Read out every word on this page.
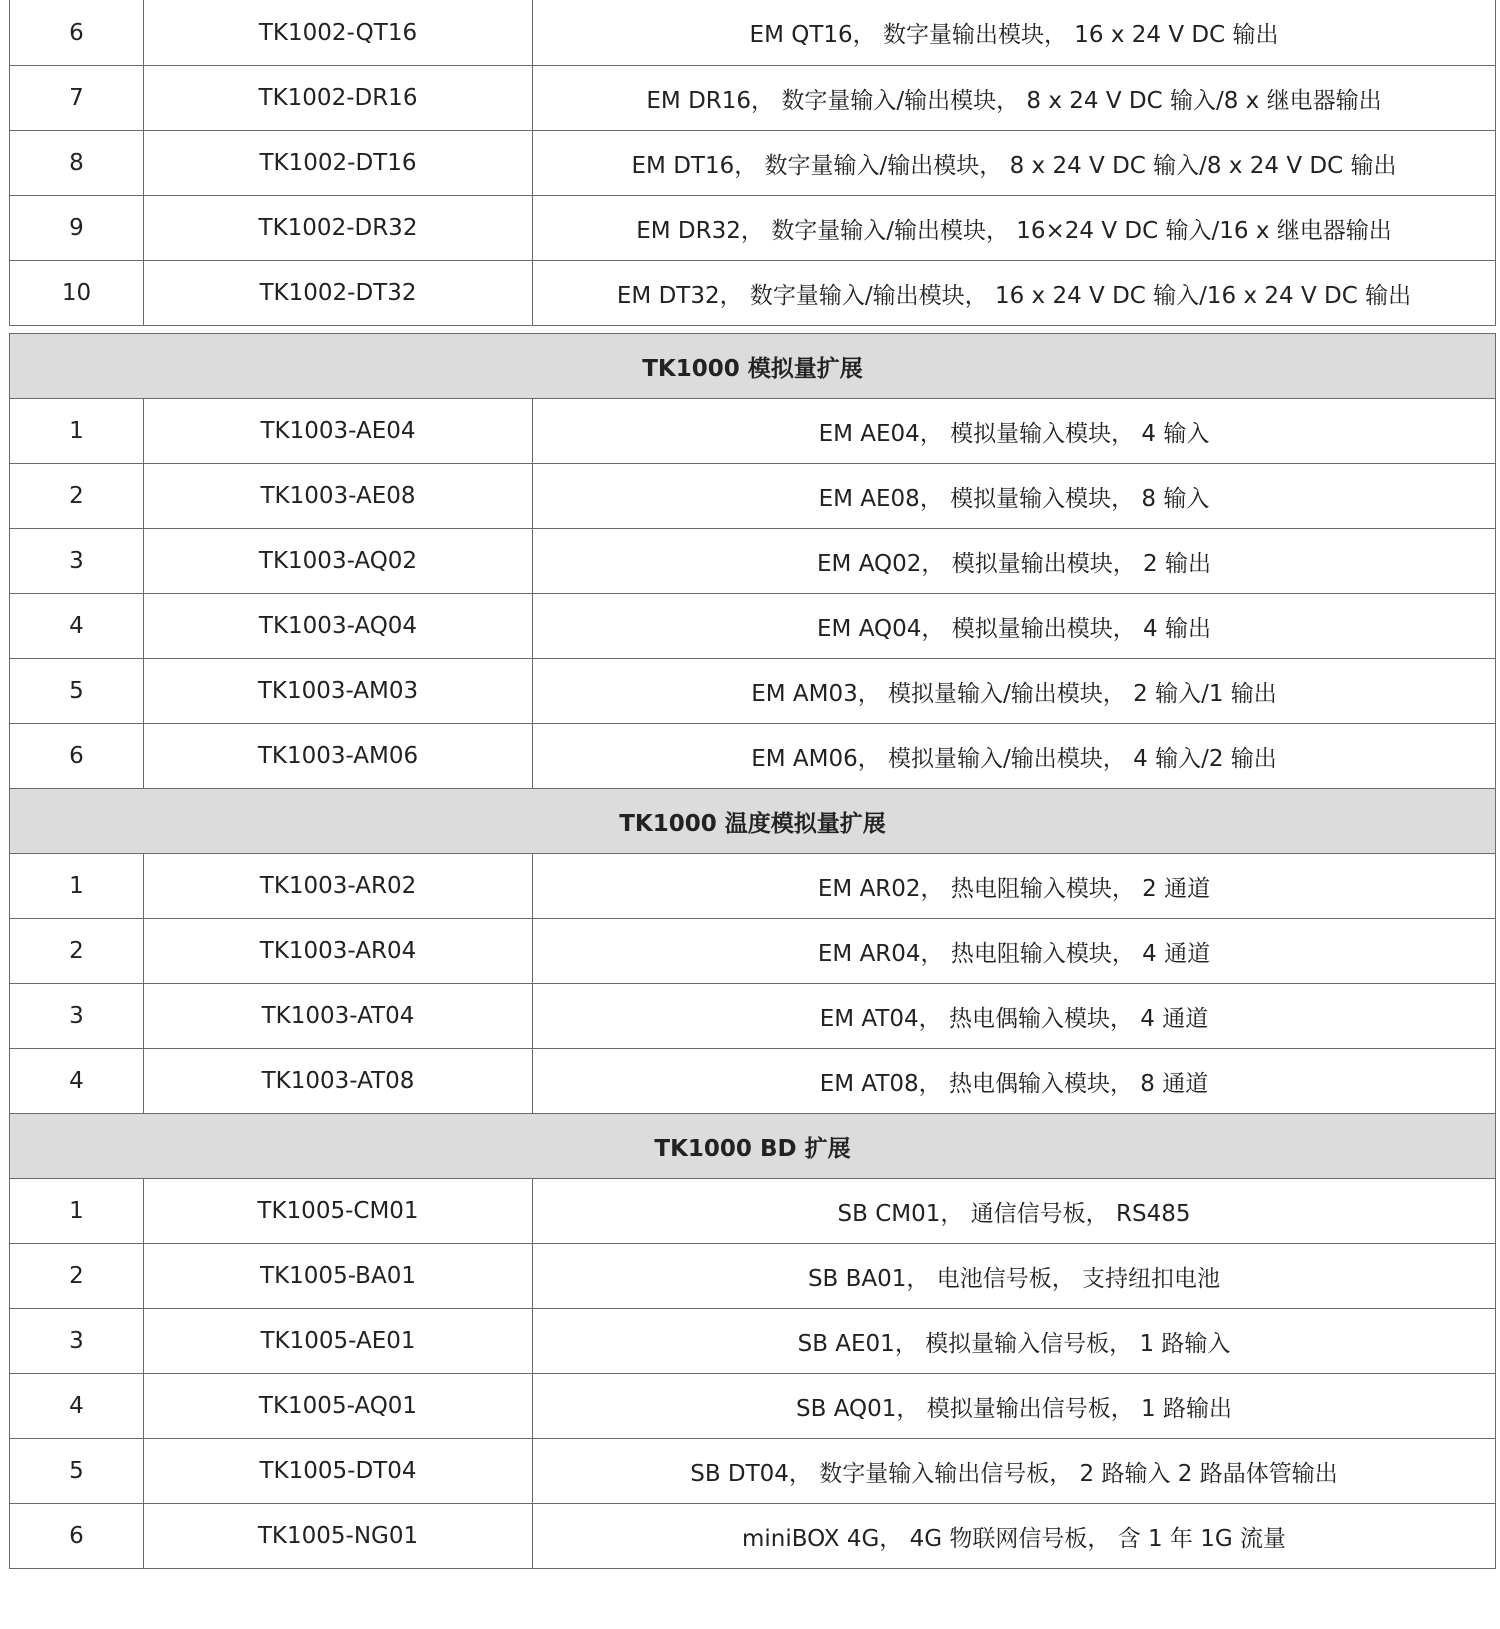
6	TK1002-QT16	EM QT16， 数字量输出模块， 16 x 24 V DC 输出
7	TK1002-DR16	EM DR16， 数字量输入/输出模块， 8 x 24 V DC 输入/8 x 继电器输出
8	TK1002-DT16	EM DT16， 数字量输入/输出模块， 8 x 24 V DC 输入/8 x 24 V DC 输出
9	TK1002-DR32	EM DR32， 数字量输入/输出模块， 16×24 V DC 输入/16 x 继电器输出
10	TK1002-DT32	EM DT32， 数字量输入/输出模块， 16 x 24 V DC 输入/16 x 24 V DC 输出

TK1000 模拟量扩展		
1	TK1003-AE04	EM AE04， 模拟量输入模块， 4 输入
2	TK1003-AE08	EM AE08， 模拟量输入模块， 8 输入
3	TK1003-AQ02	EM AQ02， 模拟量输出模块， 2 输出
4	TK1003-AQ04	EM AQ04， 模拟量输出模块， 4 输出
5	TK1003-AM03	EM AM03， 模拟量输入/输出模块， 2 输入/1 输出
6	TK1003-AM06	EM AM06， 模拟量输入/输出模块， 4 输入/2 输出
TK1000 温度模拟量扩展		
1	TK1003-AR02	EM AR02， 热电阻输入模块， 2 通道
2	TK1003-AR04	EM AR04， 热电阻输入模块， 4 通道
3	TK1003-AT04	EM AT04， 热电偶输入模块， 4 通道
4	TK1003-AT08	EM AT08， 热电偶输入模块， 8 通道
TK1000 BD 扩展		
1	TK1005-CM01	SB CM01， 通信信号板， RS485
2	TK1005-BA01	SB BA01， 电池信号板， 支持纽扣电池
3	TK1005-AE01	SB AE01， 模拟量输入信号板， 1 路输入
4	TK1005-AQ01	SB AQ01， 模拟量输出信号板， 1 路输出
5	TK1005-DT04	SB DT04， 数字量输入输出信号板， 2 路输入 2 路晶体管输出
6	TK1005-NG01	miniBOX 4G， 4G 物联网信号板， 含 1 年 1G 流量
